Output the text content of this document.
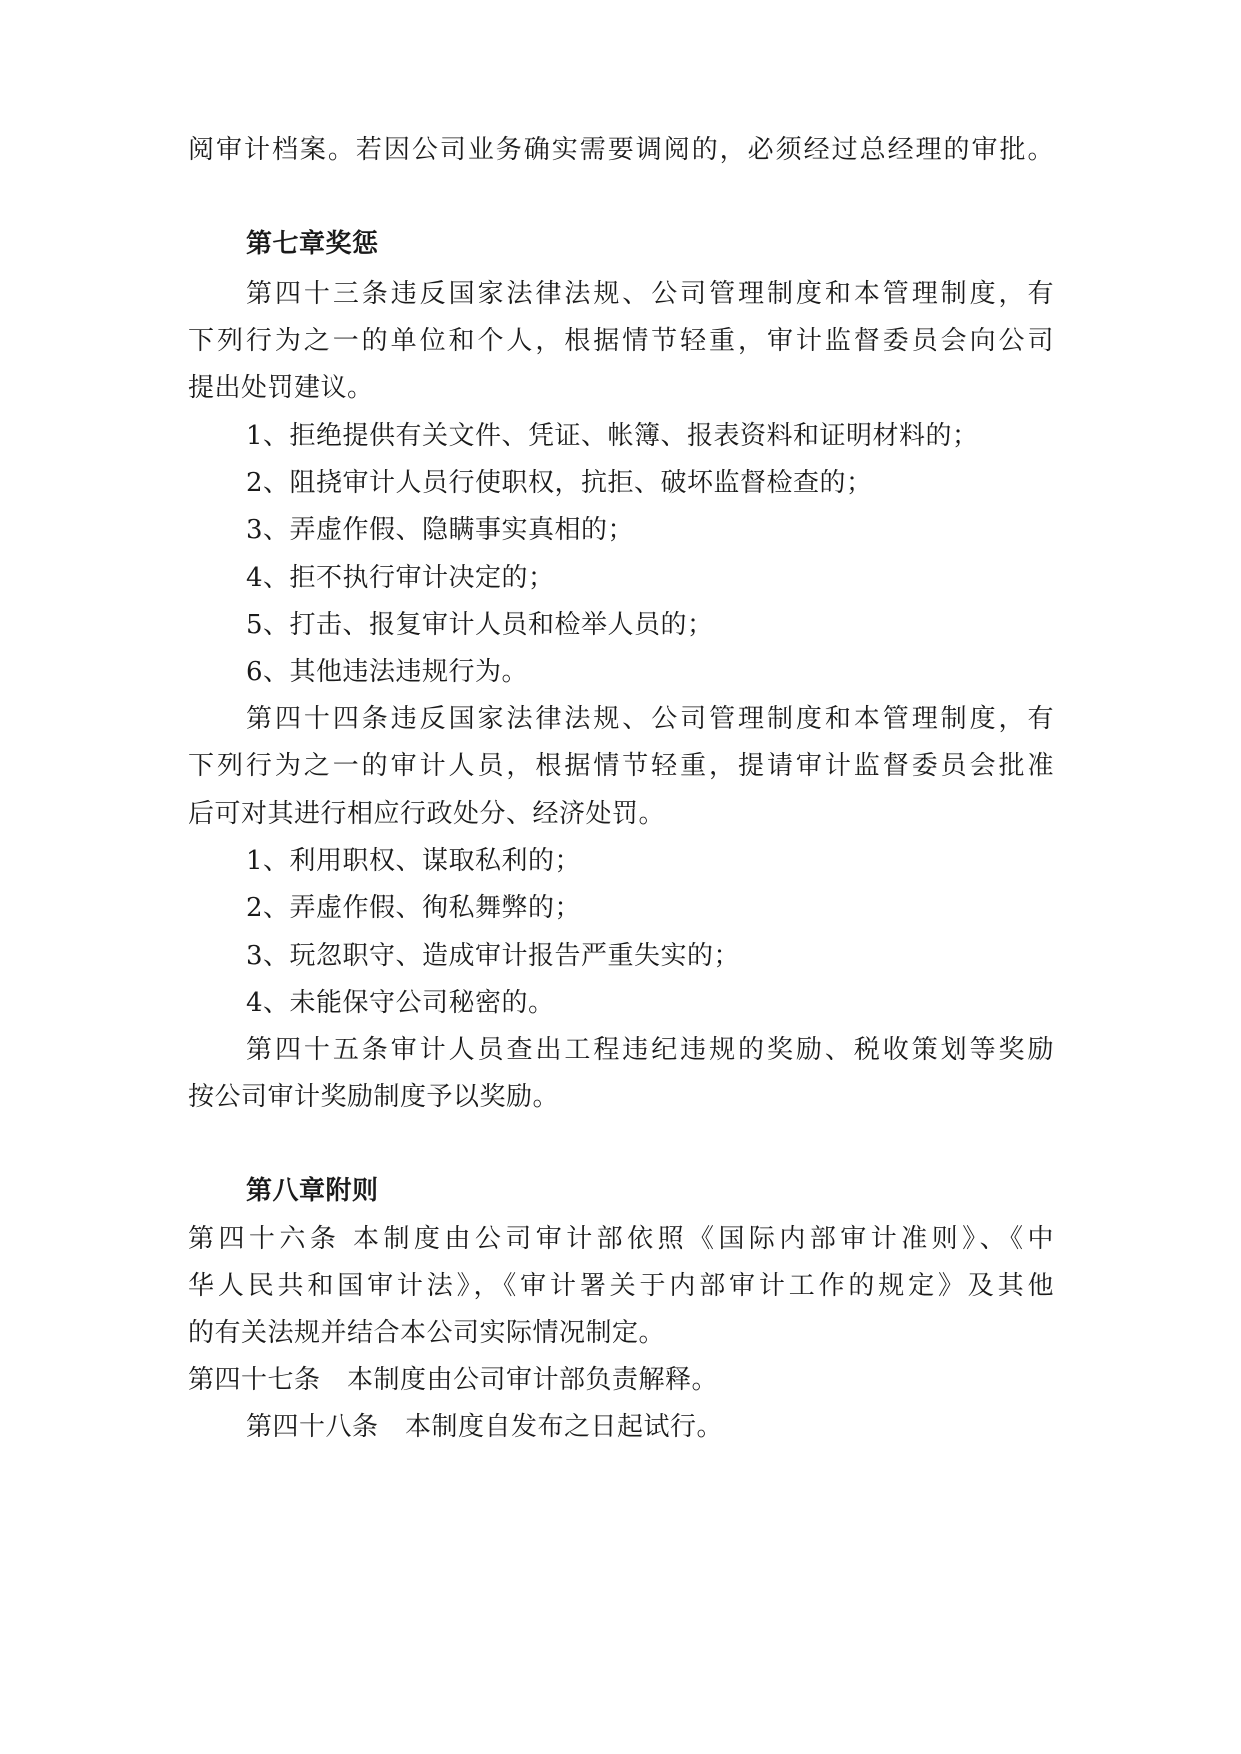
阅审计档案。若因公司业务确实需要调阅的，必须经过总经理的审批。
第七章奖惩
第四十三条违反国家法律法规、公司管理制度和本管理制度，有
下列行为之一的单位和个人，根据情节轻重，审计监督委员会向公司
提出处罚建议。
1、拒绝提供有关文件、凭证、帐簿、报表资料和证明材料的；
2、阻挠审计人员行使职权，抗拒、破坏监督检查的；
3、弄虚作假、隐瞒事实真相的；
4、拒不执行审计决定的；
5、打击、报复审计人员和检举人员的；
6、其他违法违规行为。
第四十四条违反国家法律法规、公司管理制度和本管理制度，有
下列行为之一的审计人员，根据情节轻重，提请审计监督委员会批准
后可对其进行相应行政处分、经济处罚。
1、利用职权、谋取私利的；
2、弄虚作假、徇私舞弊的；
3、玩忽职守、造成审计报告严重失实的；
4、未能保守公司秘密的。
第四十五条审计人员查出工程违纪违规的奖励、税收策划等奖励
按公司审计奖励制度予以奖励。
第八章附则
第四十六条 本制度由公司审计部依照《国际内部审计准则》、《中
华人民共和国审计法》，《审计署关于内部审计工作的规定》及其他
的有关法规并结合本公司实际情况制定。
第四十七条　本制度由公司审计部负责解释。
第四十八条　本制度自发布之日起试行。
